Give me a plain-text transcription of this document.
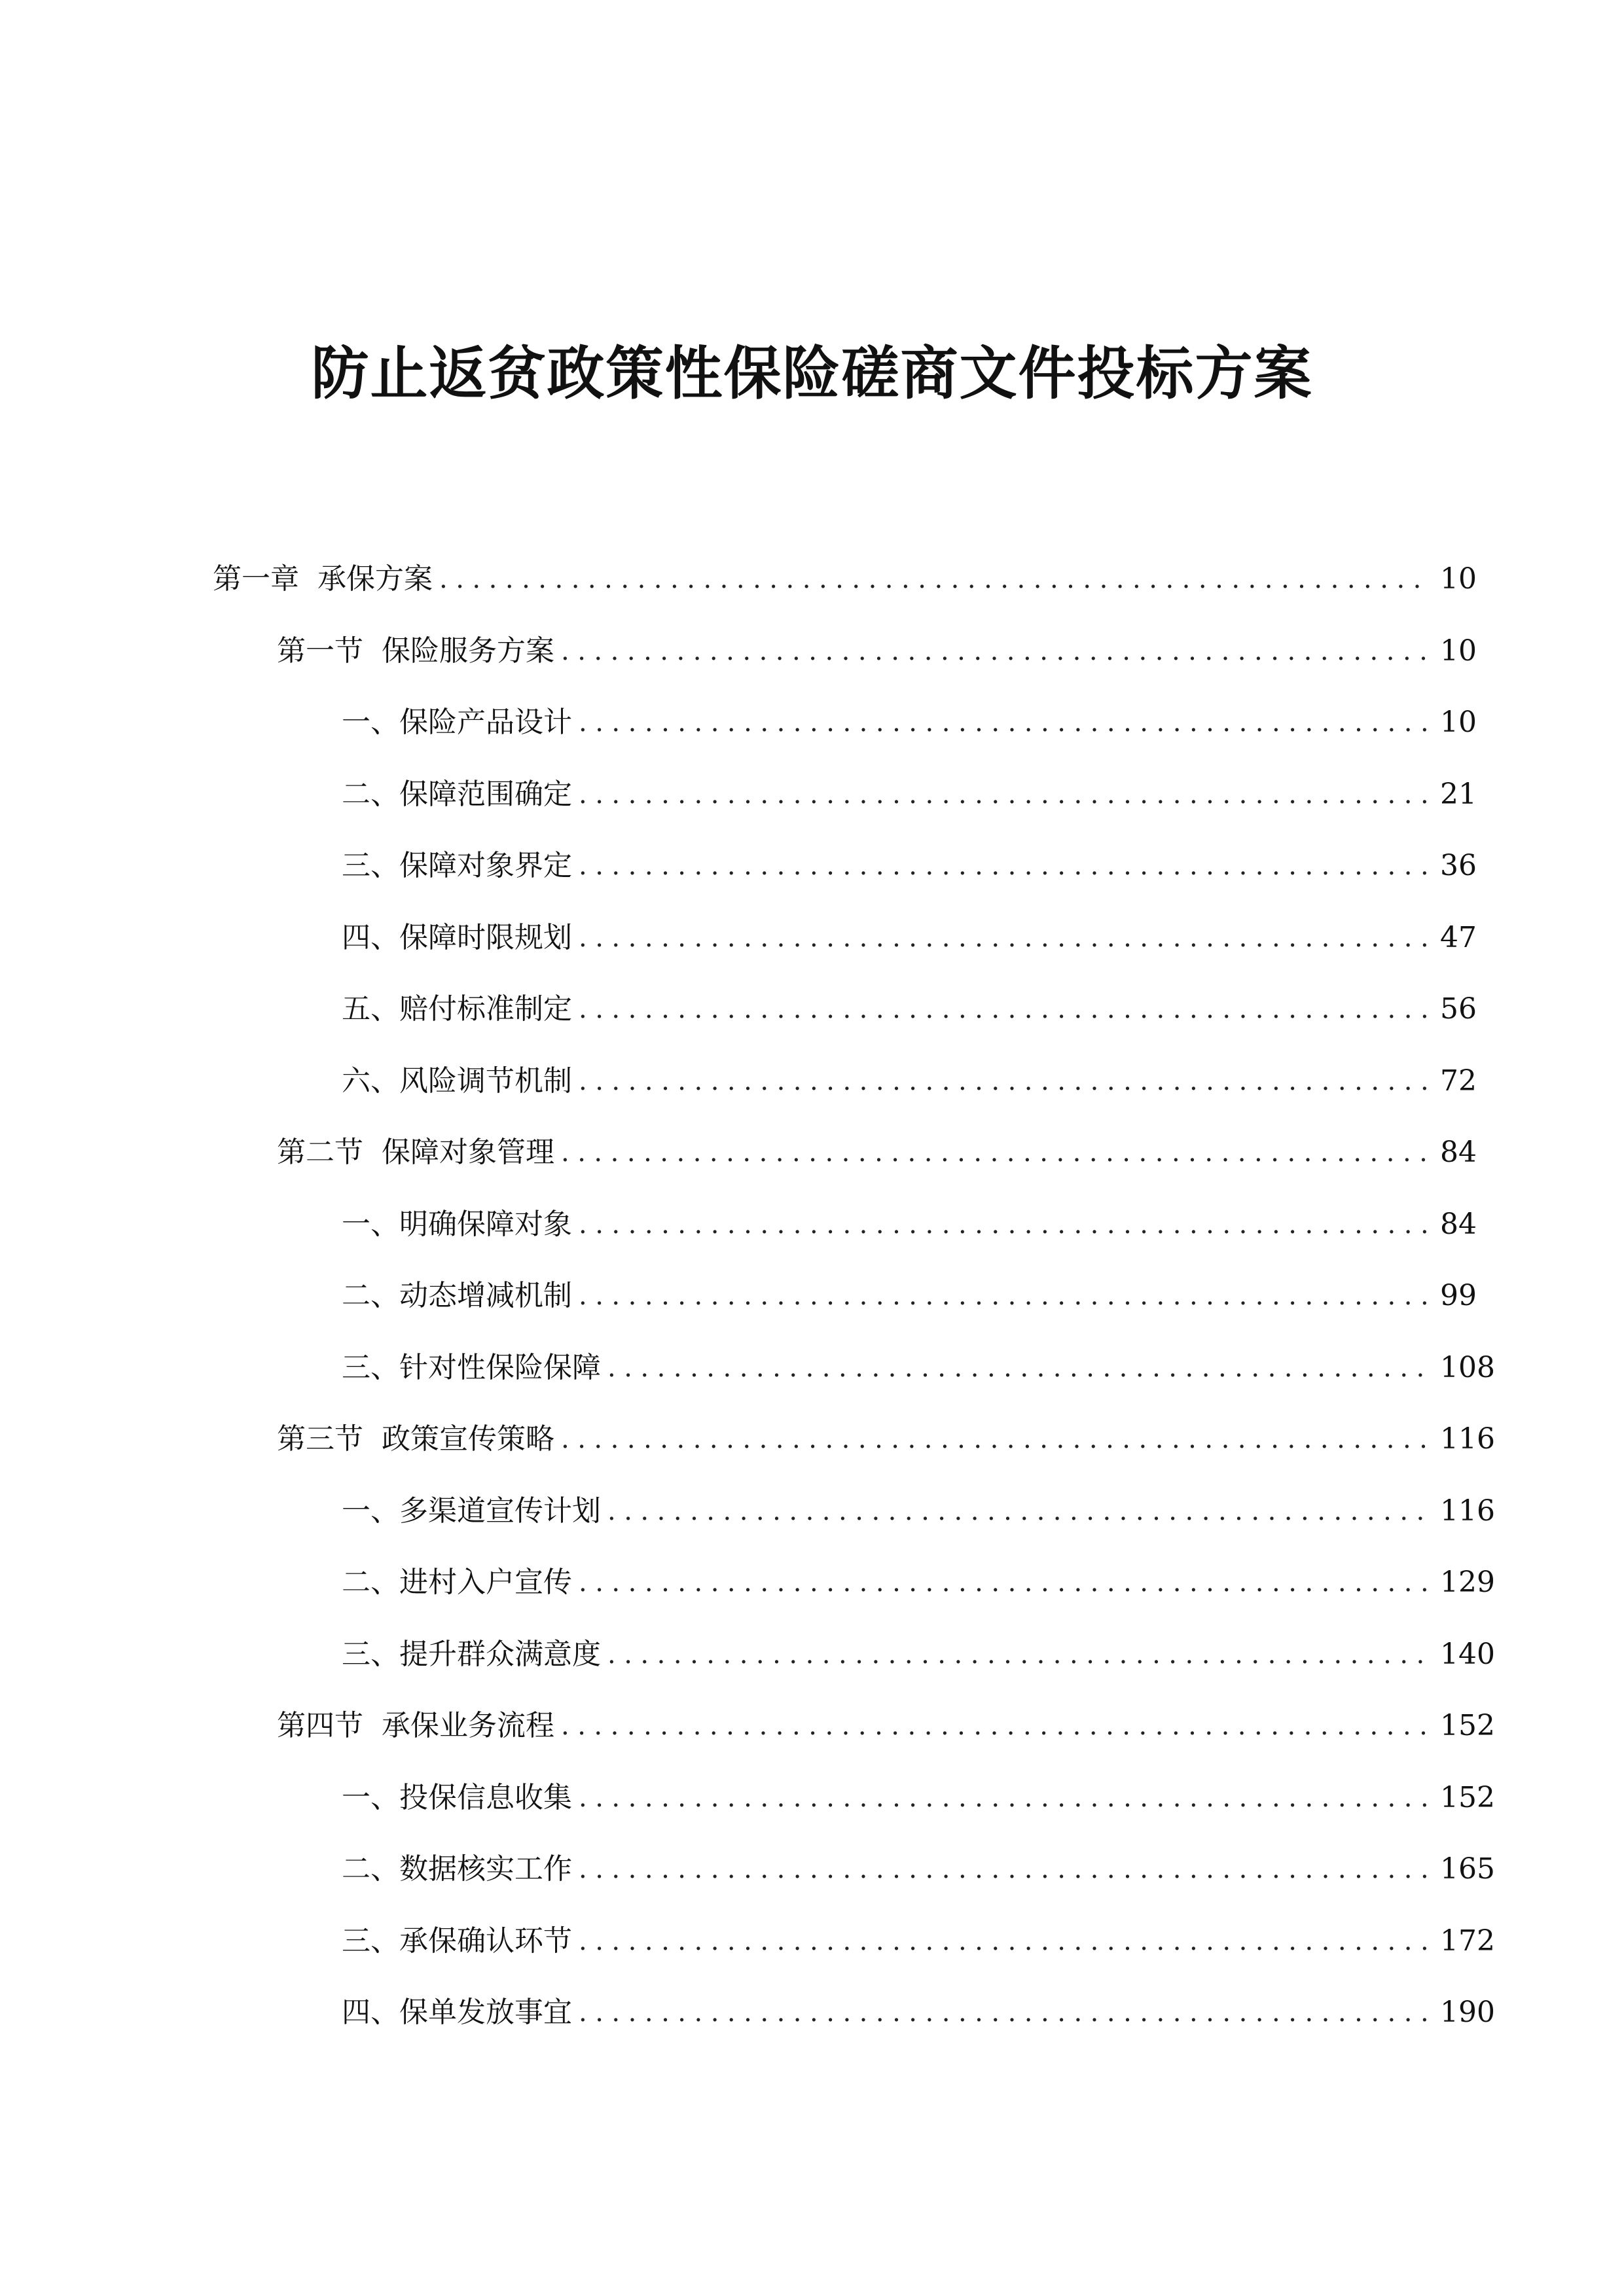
防止返贫政策性保险磋商文件投标方案
第一章 承保方案 .....	10
第一节 保险服务方案 .....	10
一、 保险产品设计 .....	10
二、 保障范围确定 .....	21
三、 保障对象界定 .....	36
四、 保障时限规划 .....	47
五、 赔付标准制定 .....	56
六、 风险调节机制 .....	72
第二节 保障对象管理 .....	84
一、 明确保障对象 .....	84
二、 动态增减机制 .....	99
三、 针对性保险保障 .....	108
第三节 政策宣传策略 .....	116
一、 多渠道宣传计划 .....	116
二、 进村入户宣传 .....	129
三、 提升群众满意度 .....	140
第四节 承保业务流程 .....	152
一、 投保信息收集 .....	152
二、 数据核实工作 .....	165
三、 承保确认环节 .....	172
四、 保单发放事宜 .....	190
